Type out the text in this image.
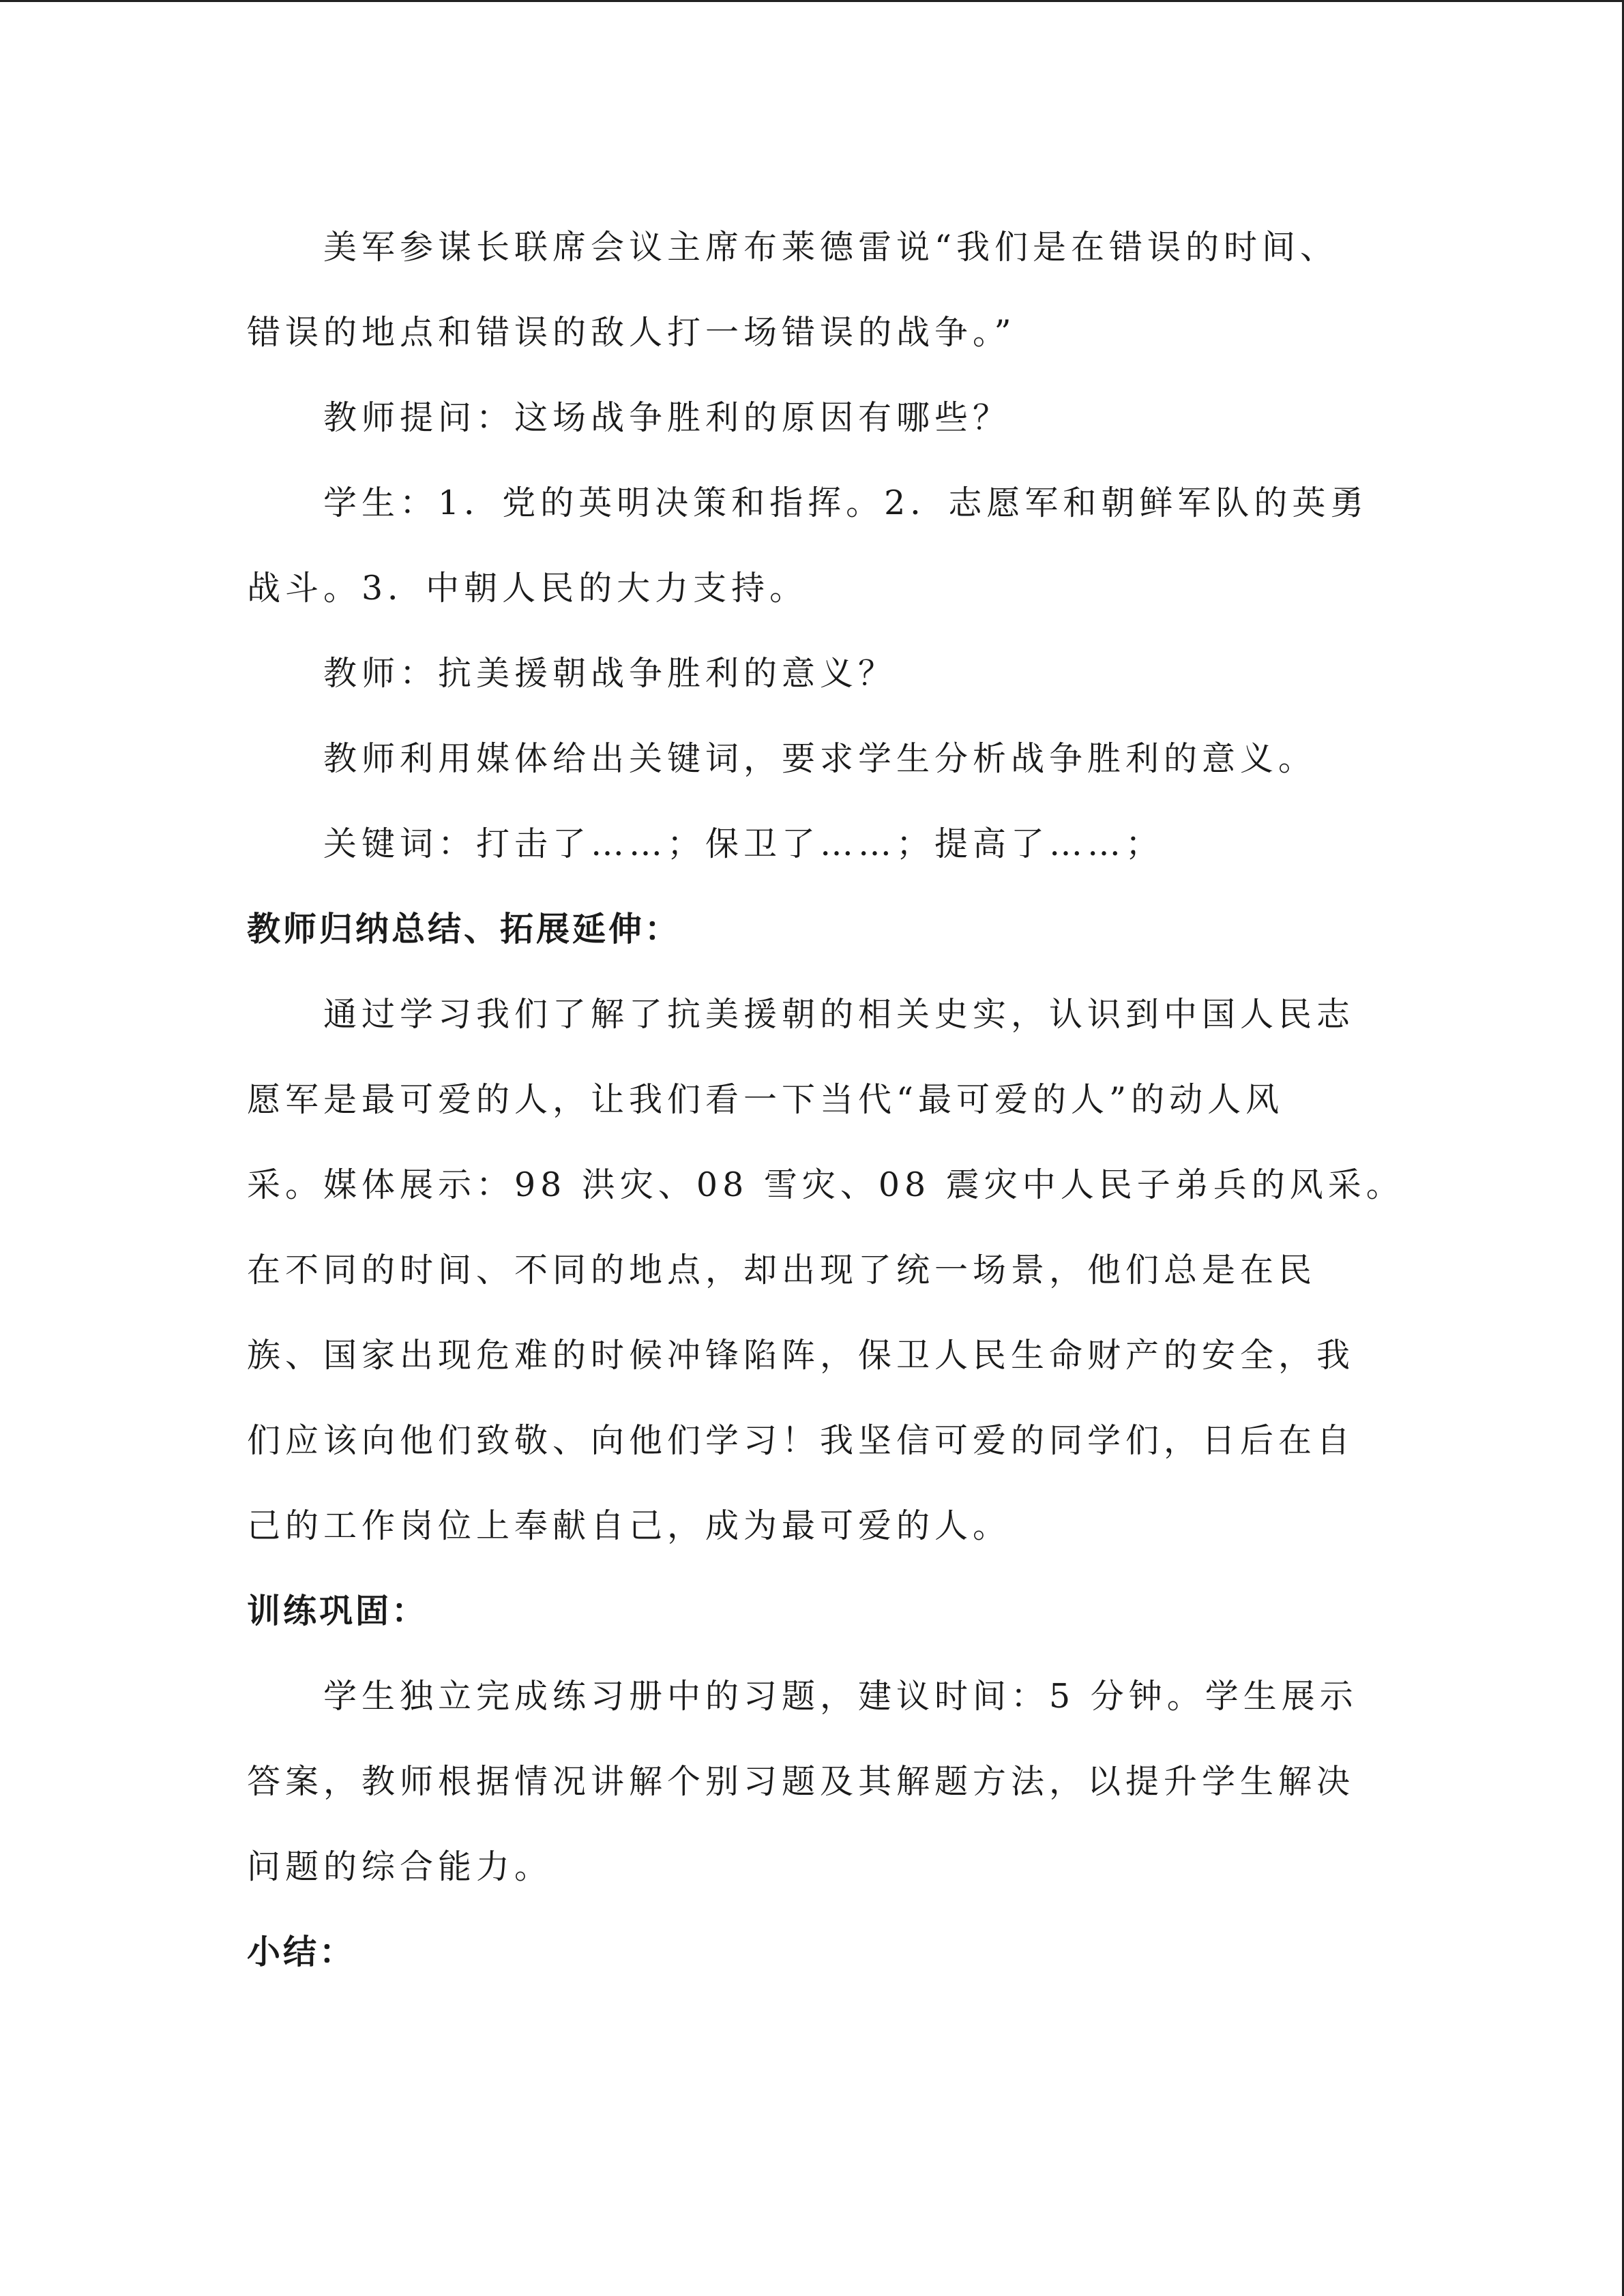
美军参谋长联席会议主席布莱德雷说“我们是在错误的时间、
错误的地点和错误的敌人打一场错误的战争。”

教师提问：这场战争胜利的原因有哪些？

学生：1．党的英明决策和指挥。2．志愿军和朝鲜军队的英勇
战斗。3．中朝人民的大力支持。

教师：抗美援朝战争胜利的意义？

教师利用媒体给出关键词，要求学生分析战争胜利的意义。

关键词：打击了……；保卫了……；提高了……；

教师归纳总结、拓展延伸：

通过学习我们了解了抗美援朝的相关史实，认识到中国人民志
愿军是最可爱的人，让我们看一下当代“最可爱的人”的动人风
采。媒体展示：98 洪灾、08 雪灾、08 震灾中人民子弟兵的风采。
在不同的时间、不同的地点，却出现了统一场景，他们总是在民
族、国家出现危难的时候冲锋陷阵，保卫人民生命财产的安全，我
们应该向他们致敬、向他们学习！我坚信可爱的同学们，日后在自
己的工作岗位上奉献自己，成为最可爱的人。

训练巩固：

学生独立完成练习册中的习题，建议时间：5 分钟。学生展示
答案，教师根据情况讲解个别习题及其解题方法，以提升学生解决
问题的综合能力。

小结：
